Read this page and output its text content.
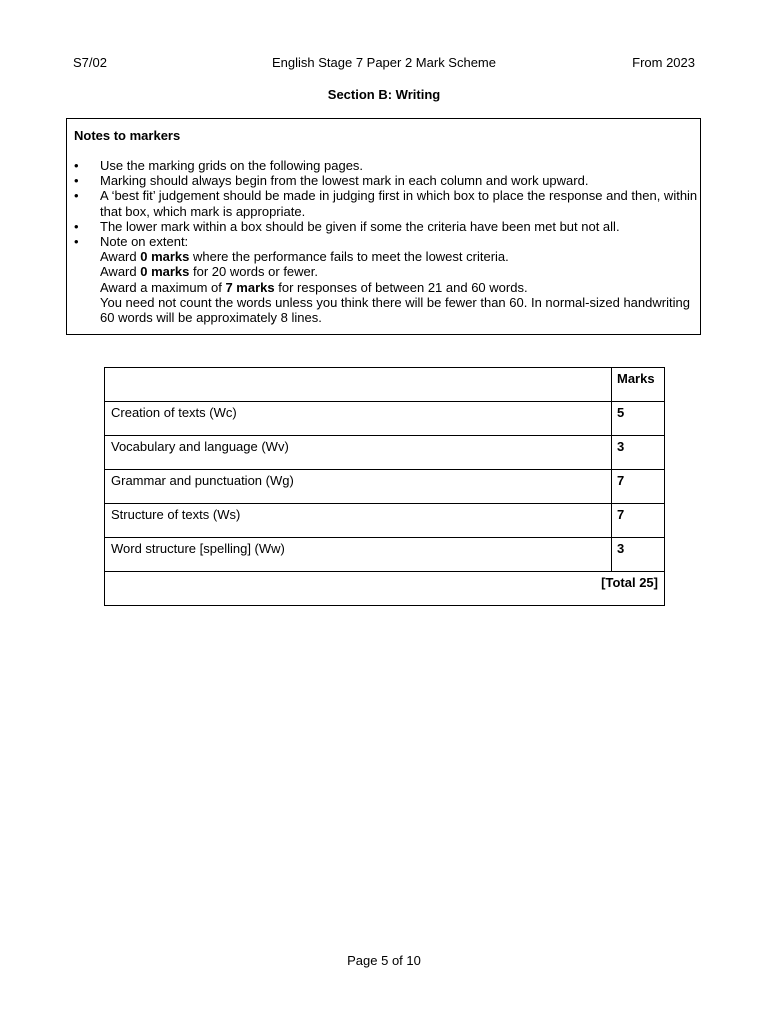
S7/02	English Stage 7 Paper 2 Mark Scheme	From 2023
Section B: Writing
Notes to markers
• Use the marking grids on the following pages.
• Marking should always begin from the lowest mark in each column and work upward.
• A ‘best fit’ judgement should be made in judging first in which box to place the response and then, within that box, which mark is appropriate.
• The lower mark within a box should be given if some the criteria have been met but not all.
• Note on extent:
Award 0 marks where the performance fails to meet the lowest criteria.
Award 0 marks for 20 words or fewer.
Award a maximum of 7 marks for responses of between 21 and 60 words.
You need not count the words unless you think there will be fewer than 60. In normal-sized handwriting 60 words will be approximately 8 lines.
	Marks
Creation of texts (Wc)	5
Vocabulary and language (Wv)	3
Grammar and punctuation (Wg)	7
Structure of texts (Ws)	7
Word structure [spelling] (Ww)	3
[Total 25]	
Page 5 of 10
